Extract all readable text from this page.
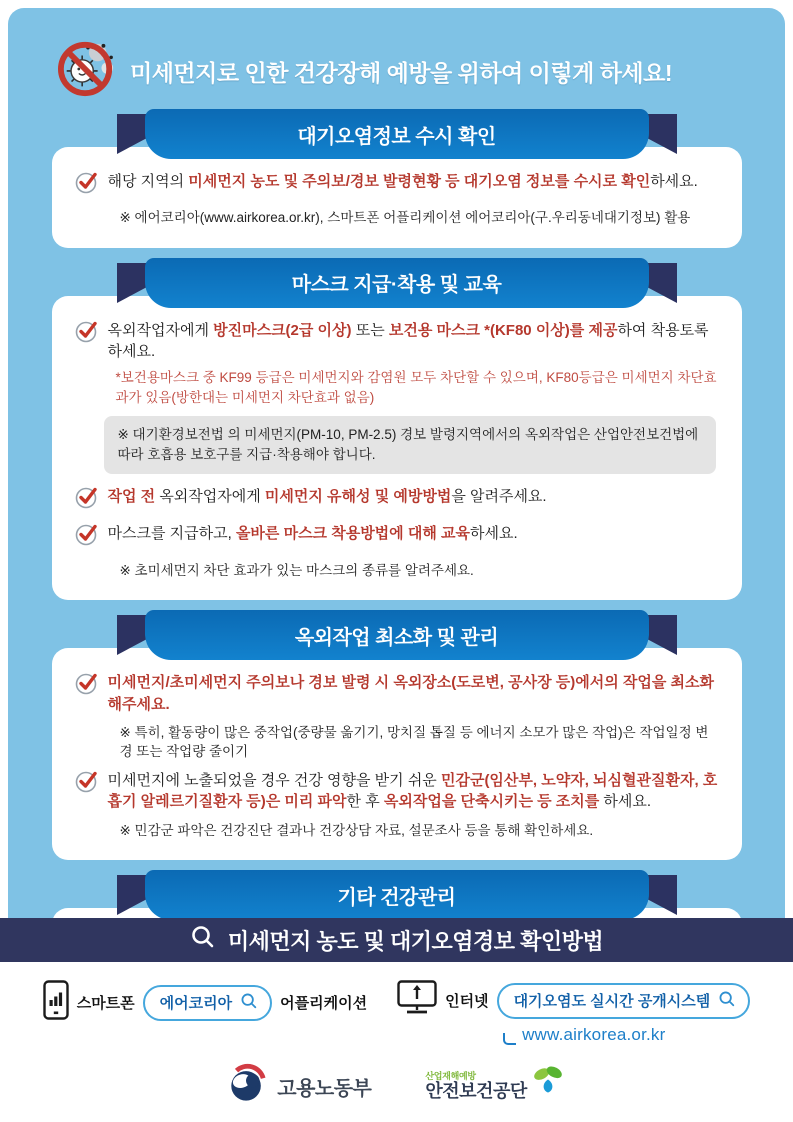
미세먼지로 인한 건강장해 예방을 위하여 이렇게 하세요!
대기오염정보 수시 확인
해당 지역의 미세먼지 농도 및 주의보/경보 발령현황 등 대기오염 정보를 수시로 확인하세요.
※ 에어코리아(www.airkorea.or.kr), 스마트폰 어플리케이션 에어코리아(구.우리동네대기정보) 활용
마스크 지급·착용 및 교육
옥외작업자에게 방진마스크(2급 이상) 또는 보건용 마스크 *(KF80 이상)를 제공하여 착용토록 하세요.
*보건용마스크 중 KF99 등급은 미세먼지와 감염원 모두 차단할 수 있으며, KF80등급은 미세먼지 차단효과가 있음(방한대는 미세먼지 차단효과 없음)
※ 대기환경보전법 의 미세먼지(PM-10, PM-2.5) 경보 발령지역에서의 옥외작업은 산업안전보건법에 따라 호흡용 보호구를 지급·착용해야 합니다.
작업 전 옥외작업자에게 미세먼지 유해성 및 예방방법을 알려주세요.
마스크를 지급하고, 올바른 마스크 착용방법에 대해 교육하세요.
※ 초미세먼지 차단 효과가 있는 마스크의 종류를 알려주세요.
옥외작업 최소화 및 관리
미세먼지/초미세먼지 주의보나 경보 발령 시 옥외장소(도로변, 공사장 등)에서의 작업을 최소화 해주세요.
※ 특히, 활동량이 많은 중작업(중량물 옮기기, 망치질 톱질 등 에너지 소모가 많은 작업)은 작업일정 변경 또는 작업량 줄이기
미세먼지에 노출되었을 경우 건강 영향을 받기 쉬운 민감군(임산부, 노약자, 뇌심혈관질환자, 호흡기 알레르기질환자 등)은 미리 파악한 후 옥외작업을 단축시키는 등 조치를 하세요.
※ 민감군 파악은 건강진단 결과나 건강상담 자료, 설문조사 등을 통해 확인하세요.
기타 건강관리
미세먼지 농도 및 대기오염경보 확인방법
스마트폰 에어코리아	어플리케이션	인터넷 대기오염도 실시간 공개시스템
www.airkorea.or.kr
고용노동부
산업재해예방
안전보건공단
